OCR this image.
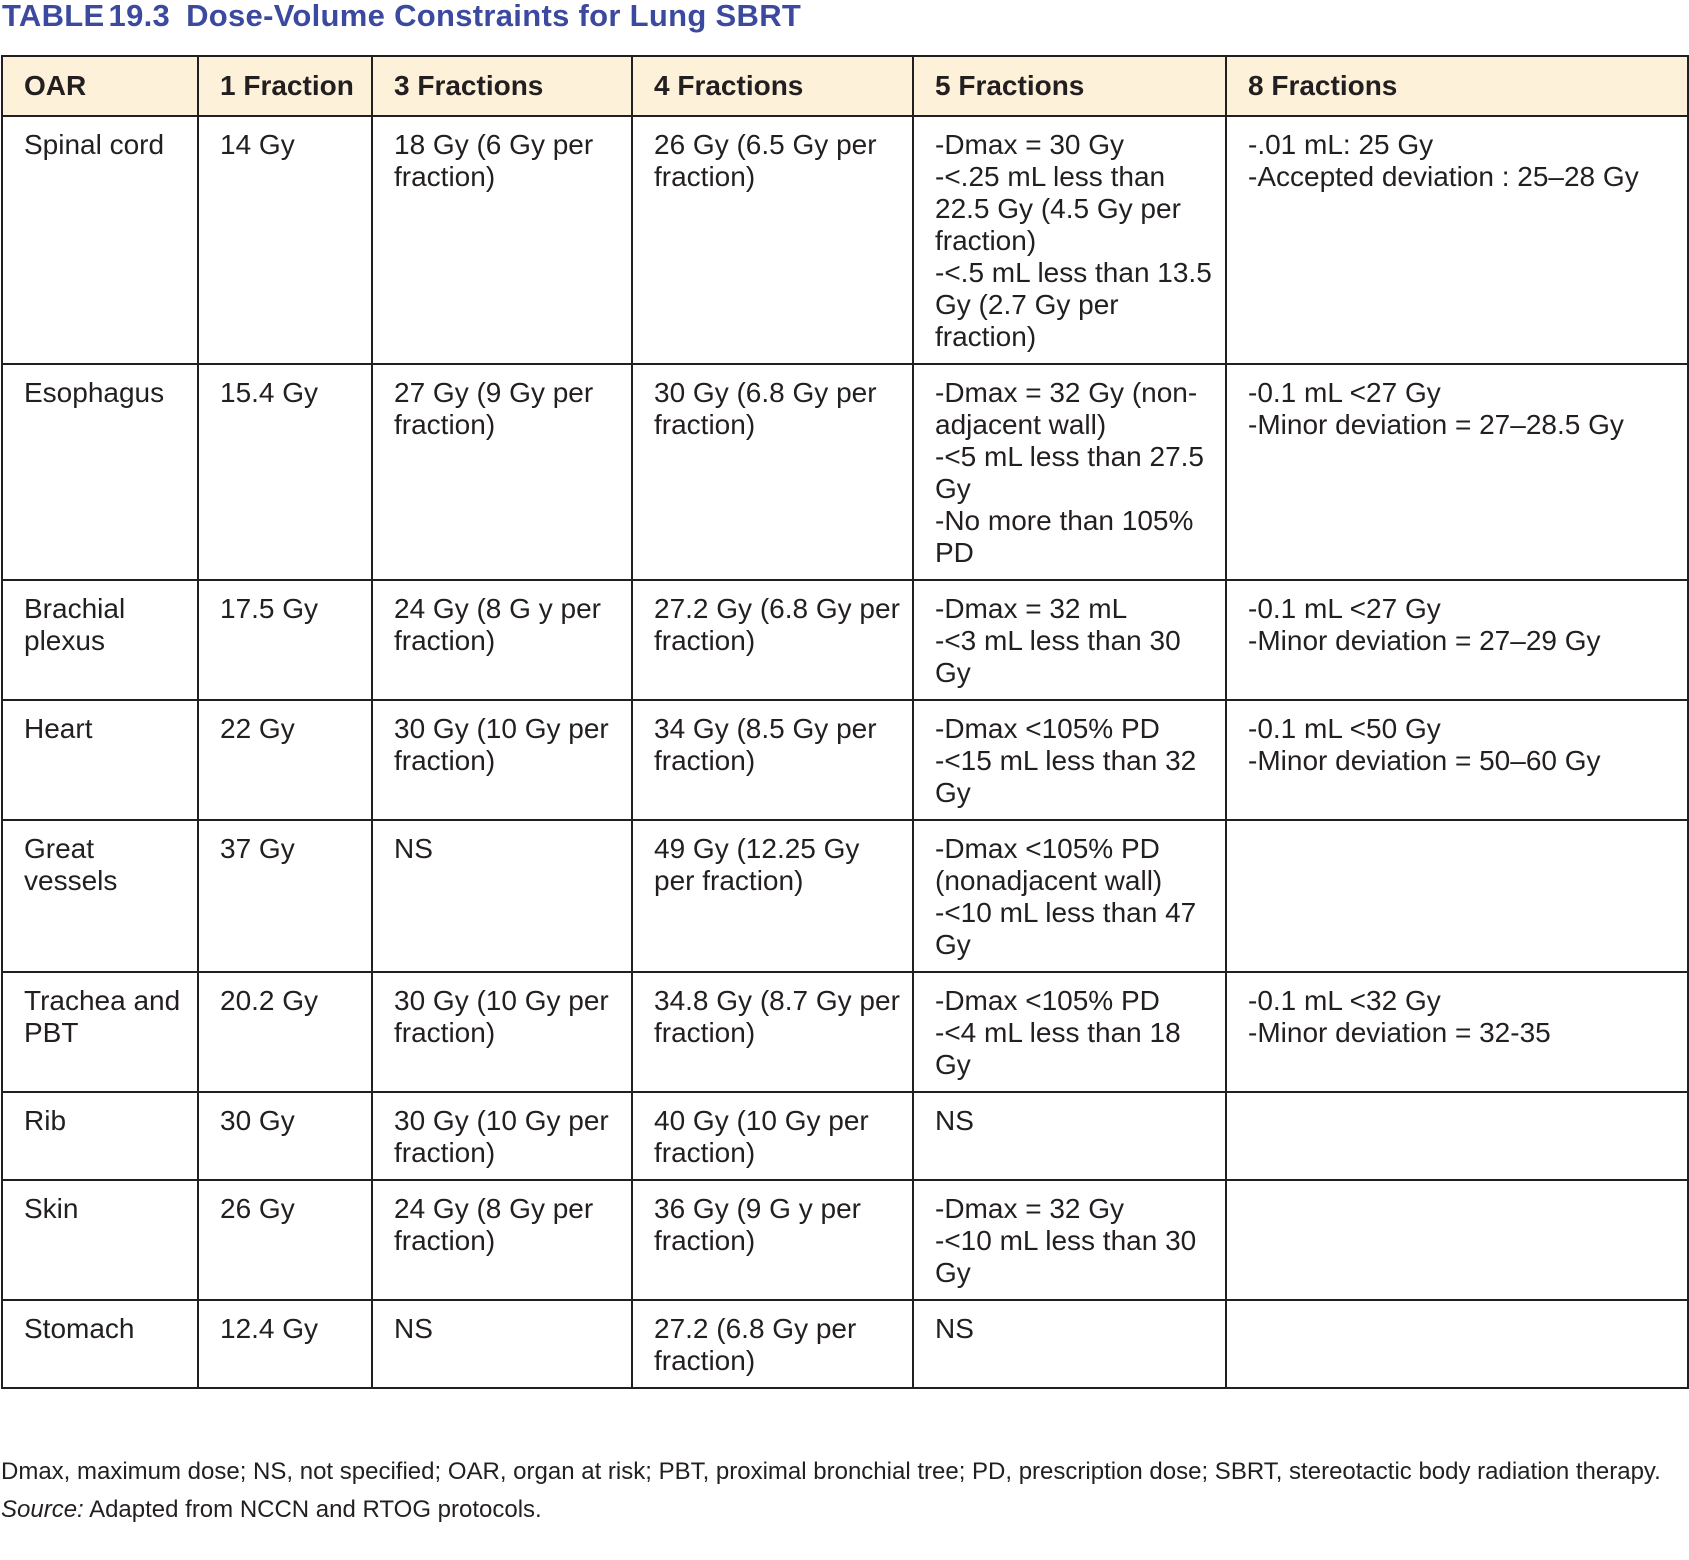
TABLE 19.3 Dose-Volume Constraints for Lung SBRT
OAR	1 Fraction	3 Fractions	4 Fractions	5 Fractions	8 Fractions

Spinal cord	14 Gy	18 Gy (6 Gy per fraction)	26 Gy (6.5 Gy per fraction)	-Dmax = 30 Gy
-<.25 mL less than 22.5 Gy (4.5 Gy per fraction)
-<.5 mL less than 13.5 Gy (2.7 Gy per fraction)	-.01 mL: 25 Gy
-Accepted deviation : 25–28 Gy

Esophagus	15.4 Gy	27 Gy (9 Gy per fraction)	30 Gy (6.8 Gy per fraction)	-Dmax = 32 Gy (non-adjacent wall)
-<5 mL less than 27.5 Gy
-No more than 105% PD	-0.1 mL <27 Gy
-Minor deviation = 27–28.5 Gy

Brachial plexus	17.5 Gy	24 Gy (8 G y per fraction)	27.2 Gy (6.8 Gy per fraction)	-Dmax = 32 mL
-<3 mL less than 30 Gy	-0.1 mL <27 Gy
-Minor deviation = 27–29 Gy

Heart	22 Gy	30 Gy (10 Gy per fraction)	34 Gy (8.5 Gy per fraction)	-Dmax <105% PD
-<15 mL less than 32 Gy	-0.1 mL <50 Gy
-Minor deviation = 50–60 Gy

Great vessels	37 Gy	NS	49 Gy (12.25 Gy per fraction)	-Dmax <105% PD (nonadjacent wall)
-<10 mL less than 47 Gy	

Trachea and PBT	20.2 Gy	30 Gy (10 Gy per fraction)	34.8 Gy (8.7 Gy per fraction)	-Dmax <105% PD
-<4 mL less than 18 Gy	-0.1 mL <32 Gy
-Minor deviation = 32-35

Rib	30 Gy	30 Gy (10 Gy per fraction)	40 Gy (10 Gy per fraction)	NS	

Skin	26 Gy	24 Gy (8 Gy per fraction)	36 Gy (9 G y per fraction)	-Dmax = 32 Gy
-<10 mL less than 30 Gy	

Stomach	12.4 Gy	NS	27.2 (6.8 Gy per fraction)	NS	

Dmax, maximum dose; NS, not specified; OAR, organ at risk; PBT, proximal bronchial tree; PD, prescription dose; SBRT, stereotactic body radiation therapy.

Source: Adapted from NCCN and RTOG protocols.
